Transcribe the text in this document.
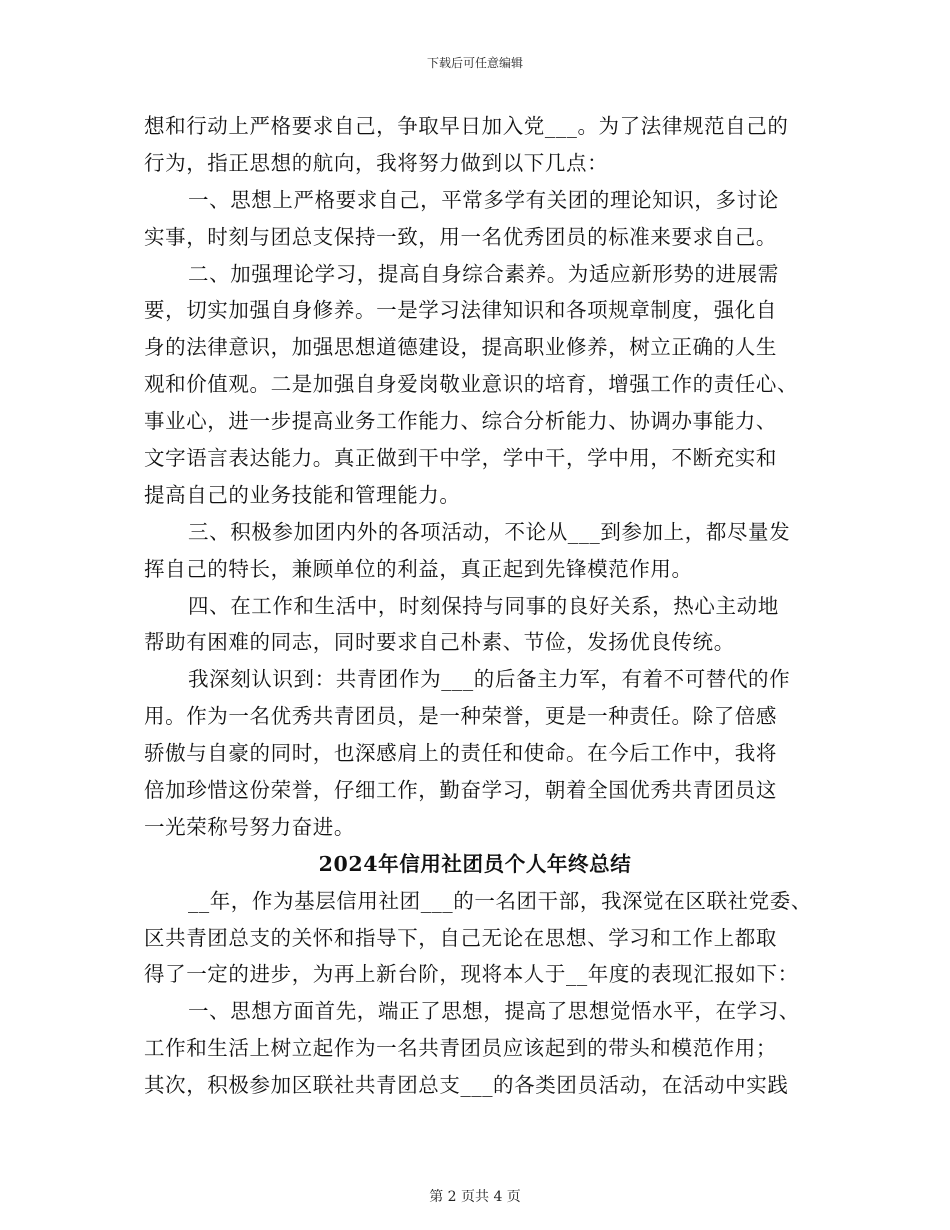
下载后可任意编辑
想和行动上严格要求自己，争取早日加入党___。为了法律规范自己的
行为，指正思想的航向，我将努力做到以下几点：
一、思想上严格要求自己，平常多学有关团的理论知识，多讨论
实事，时刻与团总支保持一致，用一名优秀团员的标准来要求自己。
二、加强理论学习，提高自身综合素养。为适应新形势的进展需
要，切实加强自身修养。一是学习法律知识和各项规章制度，强化自
身的法律意识，加强思想道德建设，提高职业修养，树立正确的人生
观和价值观。二是加强自身爱岗敬业意识的培育，增强工作的责任心、
事业心，进一步提高业务工作能力、综合分析能力、协调办事能力、
文字语言表达能力。真正做到干中学，学中干，学中用，不断充实和
提高自己的业务技能和管理能力。
三、积极参加团内外的各项活动，不论从___到参加上，都尽量发
挥自己的特长，兼顾单位的利益，真正起到先锋模范作用。
四、在工作和生活中，时刻保持与同事的良好关系，热心主动地
帮助有困难的同志，同时要求自己朴素、节俭，发扬优良传统。
我深刻认识到：共青团作为___的后备主力军，有着不可替代的作
用。作为一名优秀共青团员，是一种荣誉，更是一种责任。除了倍感
骄傲与自豪的同时，也深感肩上的责任和使命。在今后工作中，我将
倍加珍惜这份荣誉，仔细工作，勤奋学习，朝着全国优秀共青团员这
一光荣称号努力奋进。
2024年信用社团员个人年终总结
__年，作为基层信用社团___的一名团干部，我深觉在区联社党委、
区共青团总支的关怀和指导下，自己无论在思想、学习和工作上都取
得了一定的进步，为再上新台阶，现将本人于__年度的表现汇报如下：
一、思想方面首先，端正了思想，提高了思想觉悟水平，在学习、
工作和生活上树立起作为一名共青团员应该起到的带头和模范作用；
其次，积极参加区联社共青团总支___的各类团员活动，在活动中实践
第 2 页共 4 页
